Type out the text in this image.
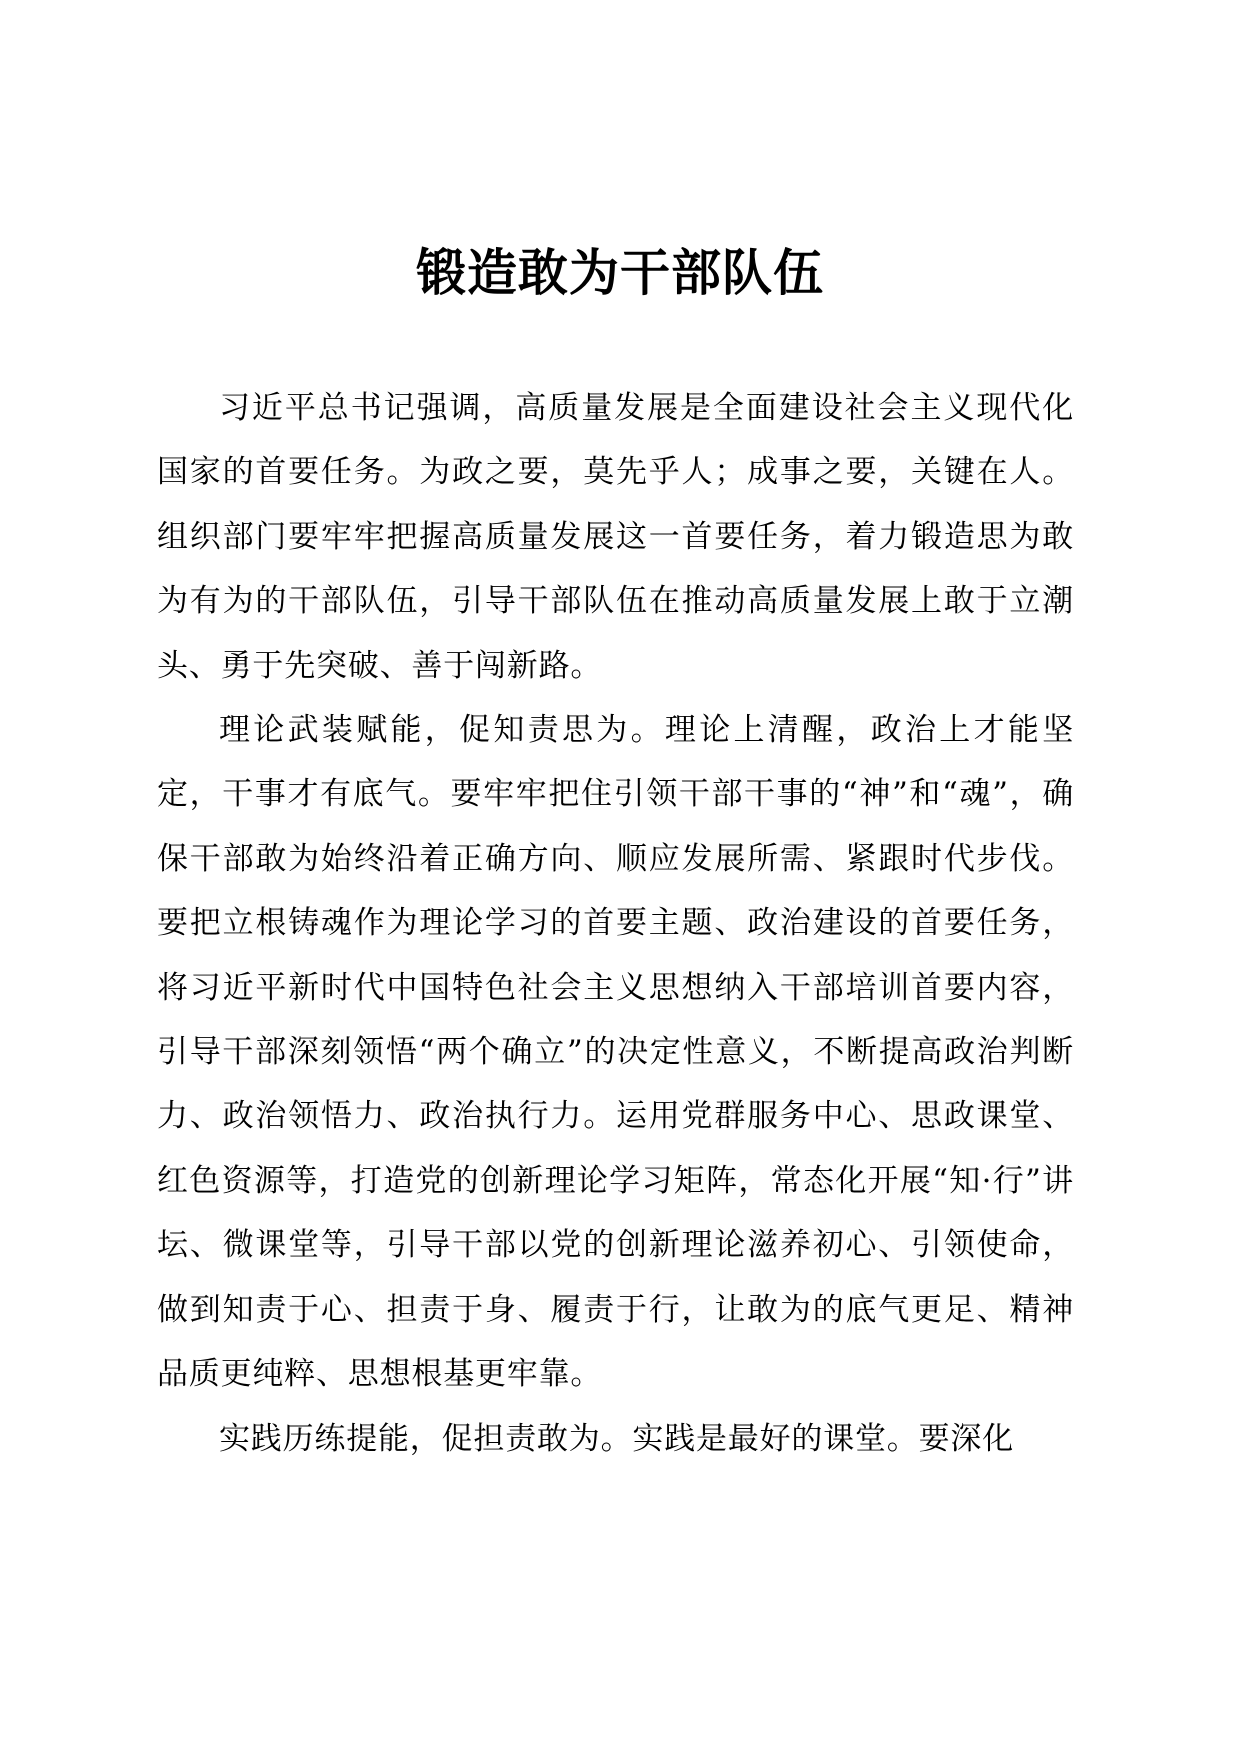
锻造敢为干部队伍

习近平总书记强调，高质量发展是全面建设社会主义现代化国家的首要任务。为政之要，莫先乎人；成事之要，关键在人。组织部门要牢牢把握高质量发展这一首要任务，着力锻造思为敢为有为的干部队伍，引导干部队伍在推动高质量发展上敢于立潮头、勇于先突破、善于闯新路。

理论武装赋能，促知责思为。理论上清醒，政治上才能坚定，干事才有底气。要牢牢把住引领干部干事的“神”和“魂”，确保干部敢为始终沿着正确方向、顺应发展所需、紧跟时代步伐。要把立根铸魂作为理论学习的首要主题、政治建设的首要任务，将习近平新时代中国特色社会主义思想纳入干部培训首要内容，引导干部深刻领悟“两个确立”的决定性意义，不断提高政治判断力、政治领悟力、政治执行力。运用党群服务中心、思政课堂、红色资源等，打造党的创新理论学习矩阵，常态化开展“知·行”讲坛、微课堂等，引导干部以党的创新理论滋养初心、引领使命，做到知责于心、担责于身、履责于行，让敢为的底气更足、精神品质更纯粹、思想根基更牢靠。

实践历练提能，促担责敢为。实践是最好的课堂。要深化
